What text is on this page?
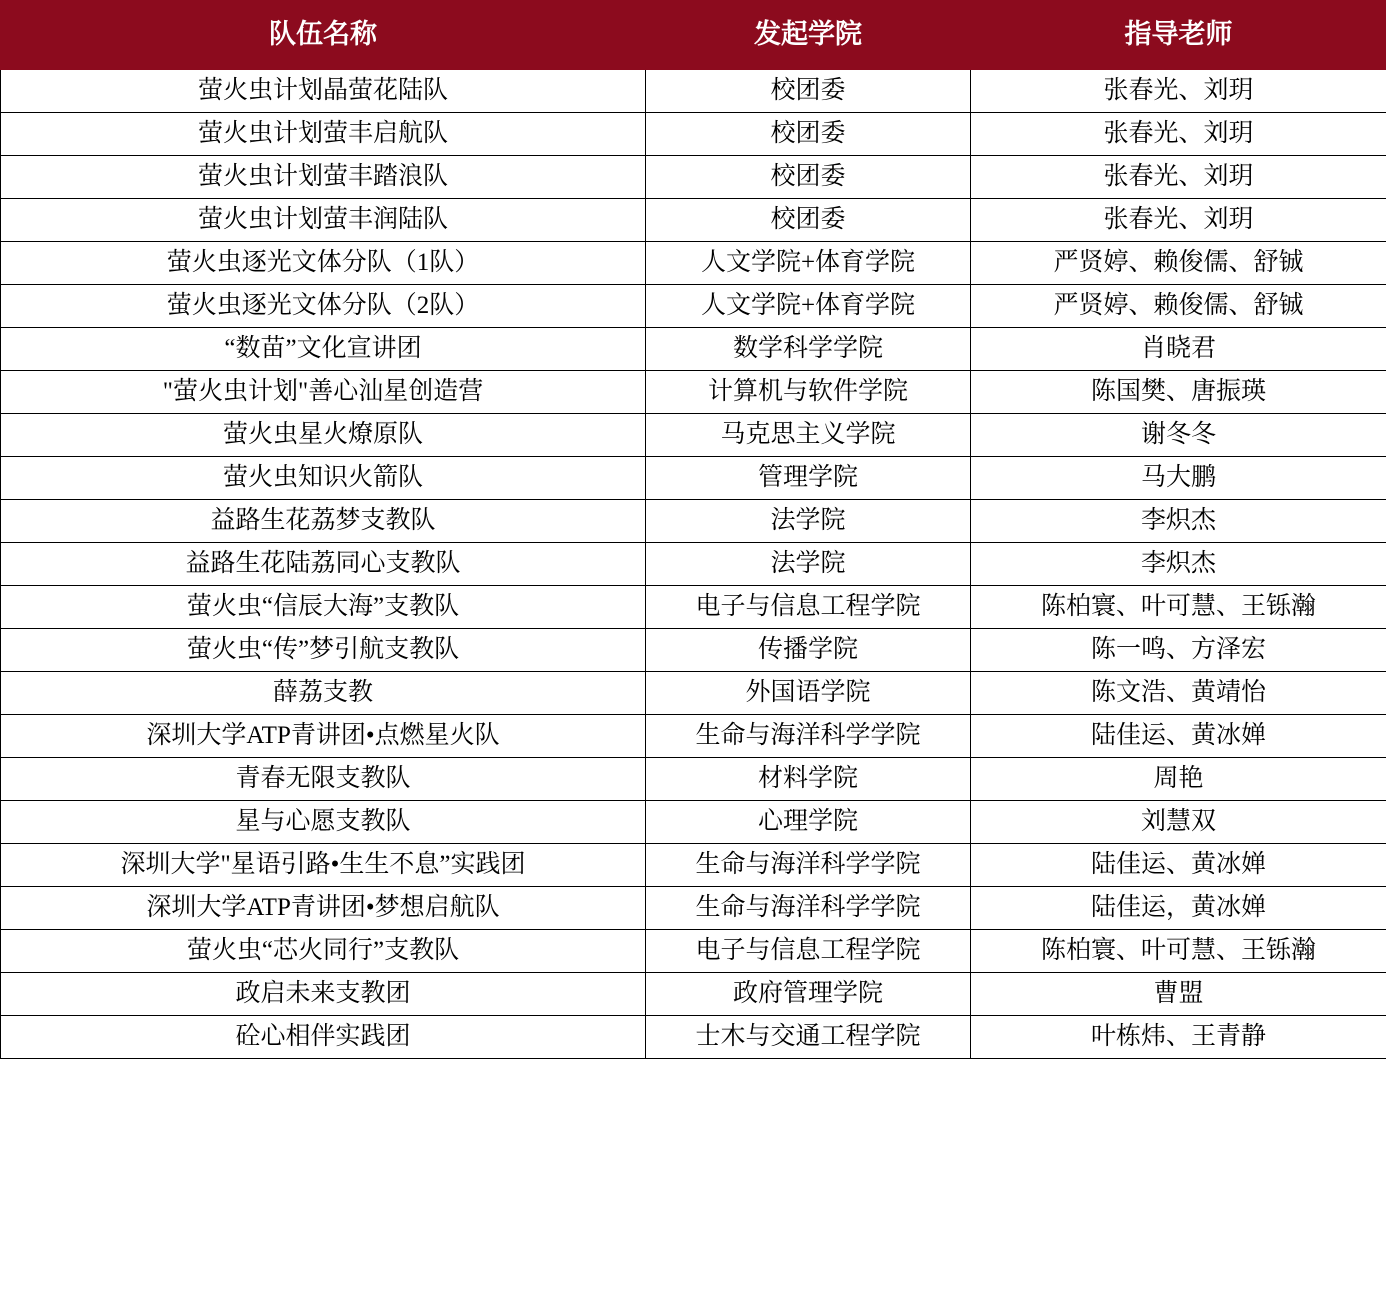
队伍名称	发起学院	指导老师
萤火虫计划晶萤花陆队	校团委	张春光、刘玥
萤火虫计划萤丰启航队	校团委	张春光、刘玥
萤火虫计划萤丰踏浪队	校团委	张春光、刘玥
萤火虫计划萤丰润陆队	校团委	张春光、刘玥
萤火虫逐光文体分队（1队）	人文学院+体育学院	严贤婷、赖俊儒、舒铖
萤火虫逐光文体分队（2队）	人文学院+体育学院	严贤婷、赖俊儒、舒铖
“数苗”文化宣讲团	数学科学学院	肖晓君
"萤火虫计划"善心汕星创造营	计算机与软件学院	陈国樊、唐振瑛
萤火虫星火燎原队	马克思主义学院	谢冬冬
萤火虫知识火箭队	管理学院	马大鹏
益路生花荔梦支教队	法学院	李炽杰
益路生花陆荔同心支教队	法学院	李炽杰
萤火虫“信辰大海”支教队	电子与信息工程学院	陈柏寰、叶可慧、王铄瀚
萤火虫“传”梦引航支教队	传播学院	陈一鸣、方泽宏
薛荔支教	外国语学院	陈文浩、黄靖怡
深圳大学ATP青讲团•点燃星火队	生命与海洋科学学院	陆佳运、黄冰婵
青春无限支教队	材料学院	周艳
星与心愿支教队	心理学院	刘慧双
深圳大学"星语引路•生生不息”实践团	生命与海洋科学学院	陆佳运、黄冰婵
深圳大学ATP青讲团•梦想启航队	生命与海洋科学学院	陆佳运，黄冰婵
萤火虫“芯火同行”支教队	电子与信息工程学院	陈柏寰、叶可慧、王铄瀚
政启未来支教团	政府管理学院	曹盟
砼心相伴实践团	士木与交通工程学院	叶栋炜、王青静
